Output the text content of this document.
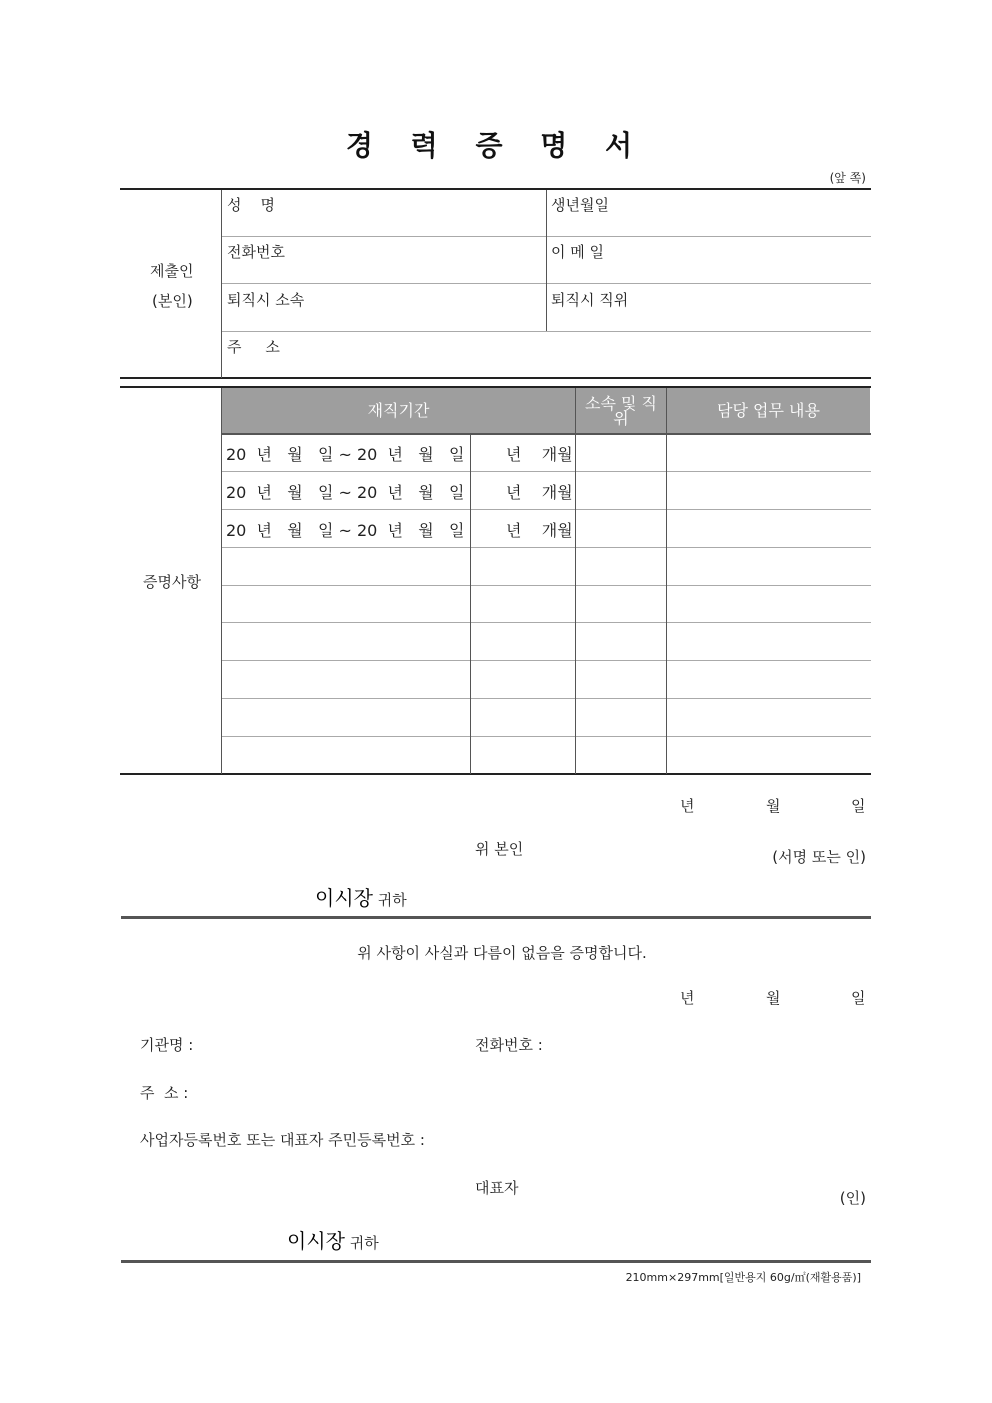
경 력 증 명 서
(앞 쪽)
제출인
(본인)
성    명	생년월일
전화번호	이 메 일
퇴직시 소속	퇴직시 직위
주     소
재직기간	소속 및 직위	담당 업무 내용
증명사항
20  년   월   일 ~ 20  년   월   일	년    개월
20  년   월   일 ~ 20  년   월   일	년    개월
20  년   월   일 ~ 20  년   월   일	년    개월
년	월	일
위 본인	(서명 또는 인)
이시장 귀하
위 사항이 사실과 다름이 없음을 증명합니다.
년	월	일
기관명 :	전화번호 :
주  소 :
사업자등록번호 또는 대표자 주민등록번호 :
대표자
(인)
이시장 귀하
210mm×297mm[일반용지 60g/㎡(재활용품)]
